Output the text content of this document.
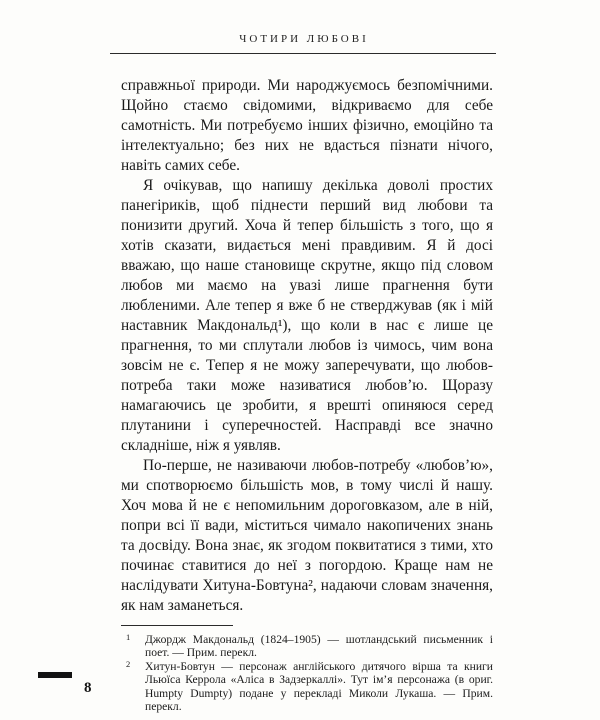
ЧОТИРИ ЛЮБОВІ

справжньої природи. Ми народжуємось безпомічними. Щойно стаємо свідомими, відкриваємо для себе самотність. Ми потребуємо інших фізично, емоційно та інтелектуально; без них не вдасться пізнати нічого, навіть самих себе.

Я очікував, що напишу декілька доволі простих панегіриків, щоб піднести перший вид любови та понизити другий. Хоча й тепер більшість з того, що я хотів сказати, видається мені правдивим. Я й досі вважаю, що наше становище скрутне, якщо під словом любов ми маємо на увазі лише прагнення бути любленими. Але тепер я вже б не стверджував (як і мій наставник Макдональд¹), що коли в нас є лише це прагнення, то ми сплутали любов із чимось, чим вона зовсім не є. Тепер я не можу заперечувати, що любов-потреба таки може називатися любов’ю. Щоразу намагаючись це зробити, я врешті опиняюся серед плутанини і суперечностей. Насправді все значно складніше, ніж я уявляв.

По-перше, не називаючи любов-потребу «любов’ю», ми спотворюємо більшість мов, в тому числі й нашу. Хоч мова й не є непомильним дороговказом, але в ній, попри всі її вади, міститься чимало накопичених знань та досвіду. Вона знає, як згодом поквитатися з тими, хто починає ставитися до неї з погордою. Краще нам не наслідувати Хитуна-Бовтуна², надаючи словам значення, як нам заманеться.

1	Джордж Макдональд (1824–1905) — шотландський письменник і поет. — Прим. перекл.
2	Хитун-Бовтун — персонаж англійського дитячого вірша та книги Льюїса Керрола «Аліса в Задзеркаллі». Тут ім’я персонажа (в ориг. Humpty Dumpty) подане у перекладі Миколи Лукаша. — Прим. перекл.
8
